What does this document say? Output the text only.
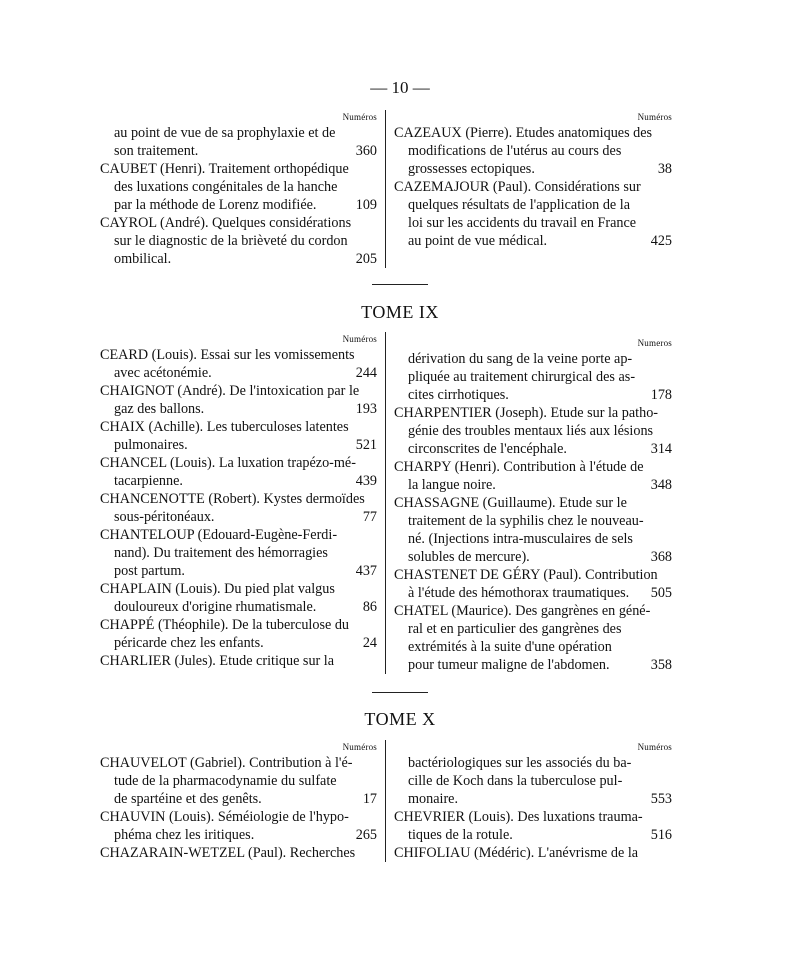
— 10 —
Numéros
au point de vue de sa prophylaxie et de
son traitement.	360
CAUBET (Henri). Traitement orthopédique
des luxations congénitales de la hanche
par la méthode de Lorenz modifiée.	109
CAYROL (André). Quelques considérations
sur le diagnostic de la brièveté du cordon
ombilical.	205
Numéros
CAZEAUX (Pierre). Etudes anatomiques des
modifications de l'utérus au cours des
grossesses ectopiques.	38
CAZEMAJOUR (Paul). Considérations sur
quelques résultats de l'application de la
loi sur les accidents du travail en France
au point de vue médical.	425
TOME IX
Numéros
CEARD (Louis). Essai sur les vomissements
avec acétonémie.	244
CHAIGNOT (André). De l'intoxication par le
gaz des ballons.	193
CHAIX (Achille). Les tuberculoses latentes
pulmonaires.	521
CHANCEL (Louis). La luxation trapézo-mé-
tacarpienne.	439
CHANCENOTTE (Robert). Kystes dermoïdes
sous-péritonéaux.	77
CHANTELOUP (Edouard-Eugène-Ferdi-
nand). Du traitement des hémorragies
post partum.	437
CHAPLAIN (Louis). Du pied plat valgus
douloureux d'origine rhumatismale.	86
CHAPPÉ (Théophile). De la tuberculose du
péricarde chez les enfants.	24
CHARLIER (Jules). Etude critique sur la
Numeros
dérivation du sang de la veine porte ap-
pliquée au traitement chirurgical des as-
cites cirrhotiques.	178
CHARPENTIER (Joseph). Etude sur la patho-
génie des troubles mentaux liés aux lésions
circonscrites de l'encéphale.	314
CHARPY (Henri). Contribution à l'étude de
la langue noire.	348
CHASSAGNE (Guillaume). Etude sur le
traitement de la syphilis chez le nouveau-
né. (Injections intra-musculaires de sels
solubles de mercure).	368
CHASTENET DE GÉRY (Paul). Contribution
à l'étude des hémothorax traumatiques.	505
CHATEL (Maurice). Des gangrènes en géné-
ral et en particulier des gangrènes des
extrémités à la suite d'une opération
pour tumeur maligne de l'abdomen.	358
TOME X
Numéros
CHAUVELOT (Gabriel). Contribution à l'é-
tude de la pharmacodynamie du sulfate
de spartéine et des genêts.	17
CHAUVIN (Louis). Séméiologie de l'hypo-
phéma chez les iritiques.	265
CHAZARAIN-WETZEL (Paul). Recherches
Numéros
bactériologiques sur les associés du ba-
cille de Koch dans la tuberculose pul-
monaire.	553
CHEVRIER (Louis). Des luxations trauma-
tiques de la rotule.	516
CHIFOLIAU (Médéric). L'anévrisme de la
